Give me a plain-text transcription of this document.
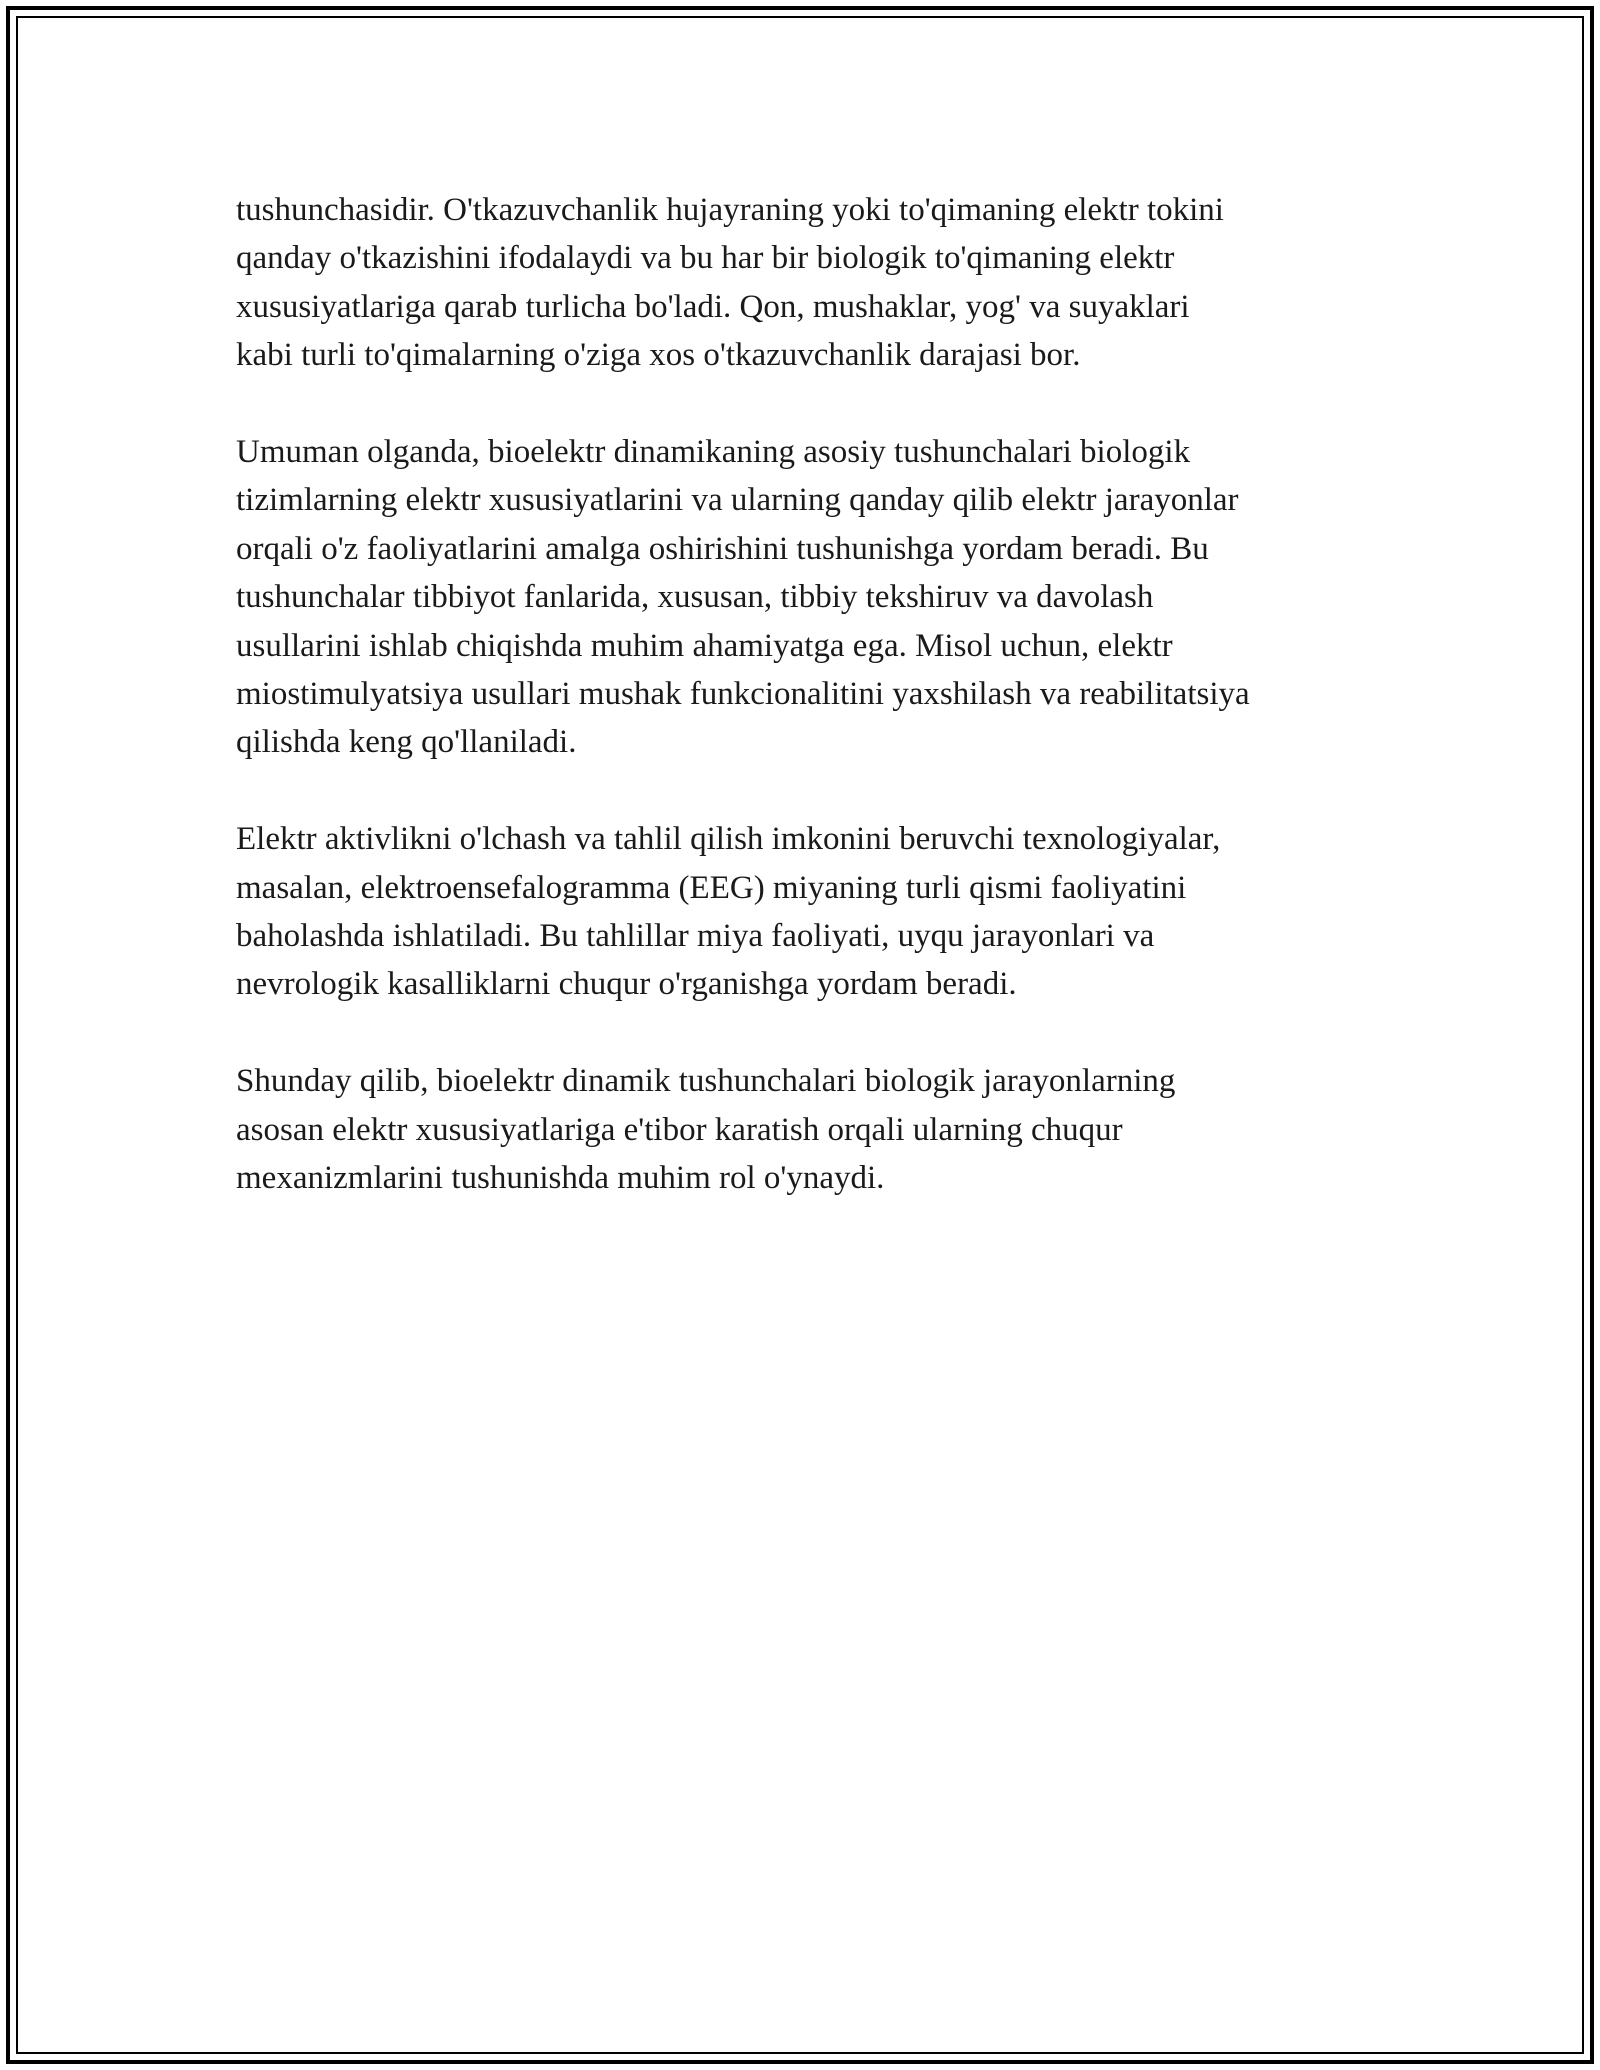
tushunchasidir. O'tkazuvchanlik hujayraning yoki to'qimaning elektr tokini
qanday o'tkazishini ifodalaydi va bu har bir biologik to'qimaning elektr
xususiyatlariga qarab turlicha bo'ladi. Qon, mushaklar, yog' va suyaklari
kabi turli to'qimalarning o'ziga xos o'tkazuvchanlik darajasi bor.

Umuman olganda, bioelektr dinamikaning asosiy tushunchalari biologik
tizimlarning elektr xususiyatlarini va ularning qanday qilib elektr jarayonlar
orqali o'z faoliyatlarini amalga oshirishini tushunishga yordam beradi. Bu
tushunchalar tibbiyot fanlarida, xususan, tibbiy tekshiruv va davolash
usullarini ishlab chiqishda muhim ahamiyatga ega. Misol uchun, elektr
miostimulyatsiya usullari mushak funkcionalitini yaxshilash va reabilitatsiya
qilishda keng qo'llaniladi.

Elektr aktivlikni o'lchash va tahlil qilish imkonini beruvchi texnologiyalar,
masalan, elektroensefalogramma (EEG) miyaning turli qismi faoliyatini
baholashda ishlatiladi. Bu tahlillar miya faoliyati, uyqu jarayonlari va
nevrologik kasalliklarni chuqur o'rganishga yordam beradi.

Shunday qilib, bioelektr dinamik tushunchalari biologik jarayonlarning
asosan elektr xususiyatlariga e'tibor karatish orqali ularning chuqur
mexanizmlarini tushunishda muhim rol o'ynaydi.
